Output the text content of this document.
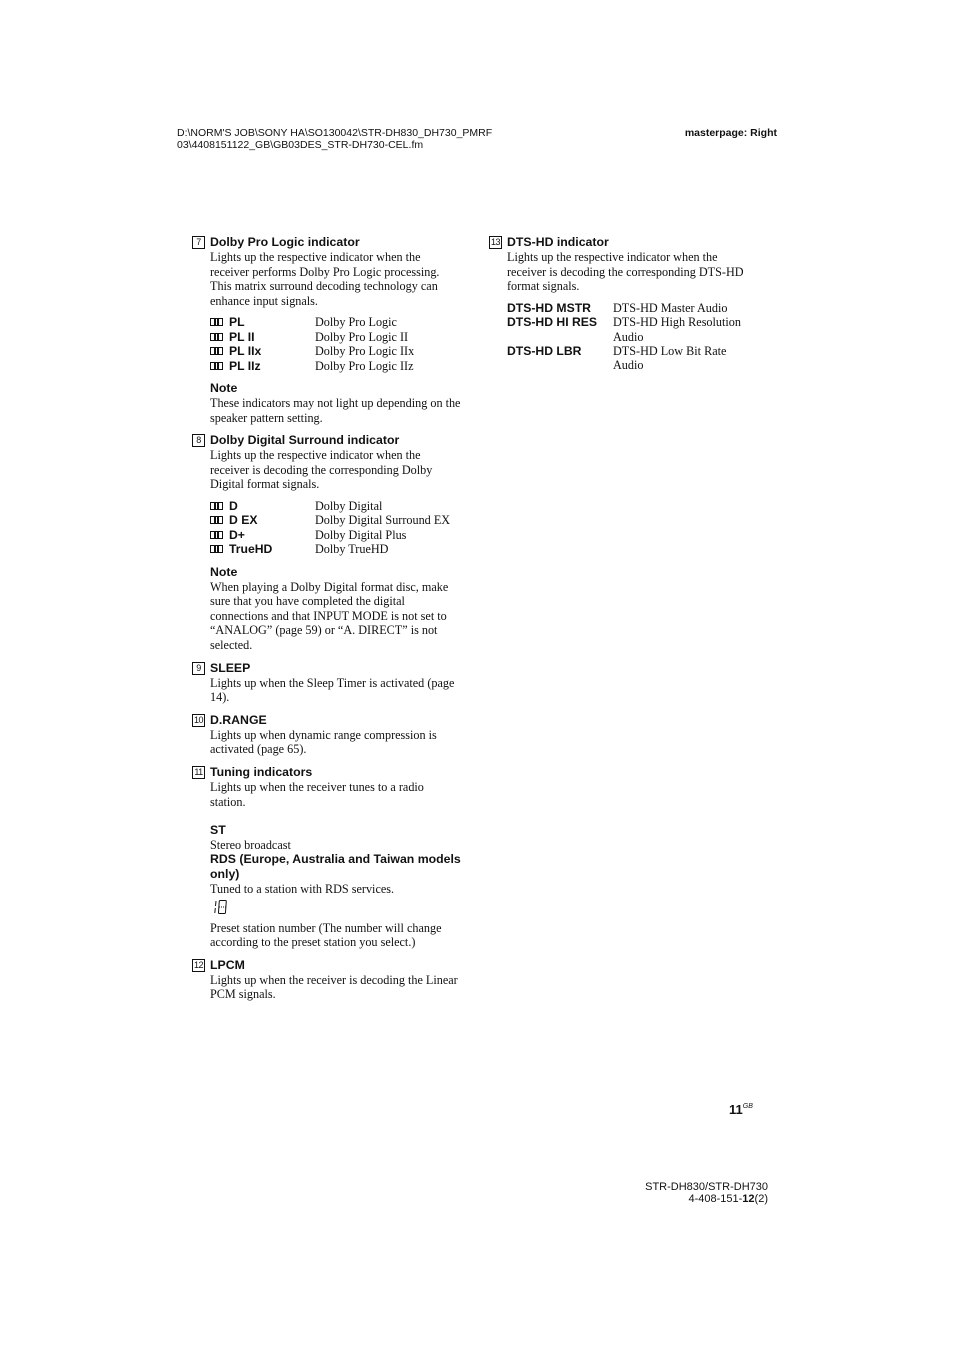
D:\NORM'S JOB\SONY HA\SO130042\STR-DH830_DH730_PMRF
03\4408151122_GB\GB03DES_STR-DH730-CEL.fm
masterpage: Right
7 Dolby Pro Logic indicator

Lights up the respective indicator when the receiver performs Dolby Pro Logic processing. This matrix surround decoding technology can enhance input signals.

PL	Dolby Pro Logic
PL II	Dolby Pro Logic II
PL IIx	Dolby Pro Logic IIx
PL IIz	Dolby Pro Logic IIz
Note

These indicators may not light up depending on the speaker pattern setting.

8 Dolby Digital Surround indicator

Lights up the respective indicator when the receiver is decoding the corresponding Dolby Digital format signals.

D	Dolby Digital
D EX	Dolby Digital Surround EX
D+	Dolby Digital Plus
TrueHD	Dolby TrueHD
Note

When playing a Dolby Digital format disc, make sure that you have completed the digital connections and that INPUT MODE is not set to “ANALOG” (page 59) or “A. DIRECT” is not selected.

9 SLEEP

Lights up when the Sleep Timer is activated (page 14).

10 D.RANGE

Lights up when dynamic range compression is activated (page 65).

11 Tuning indicators

Lights up when the receiver tunes to a radio station.

ST

Stereo broadcast

RDS (Europe, Australia and Taiwan models only)

Tuned to a station with RDS services.

Preset station number (The number will change according to the preset station you select.)

12 LPCM

Lights up when the receiver is decoding the Linear PCM signals.

13 DTS-HD indicator

Lights up the respective indicator when the receiver is decoding the corresponding DTS-HD format signals.

DTS-HD MSTR	DTS-HD Master Audio
DTS-HD HI RES	DTS-HD High Resolution Audio
DTS-HD LBR	DTS-HD Low Bit Rate Audio
$11^{GB}$
STR-DH830/STR-DH730
4-408-151-12(2)
